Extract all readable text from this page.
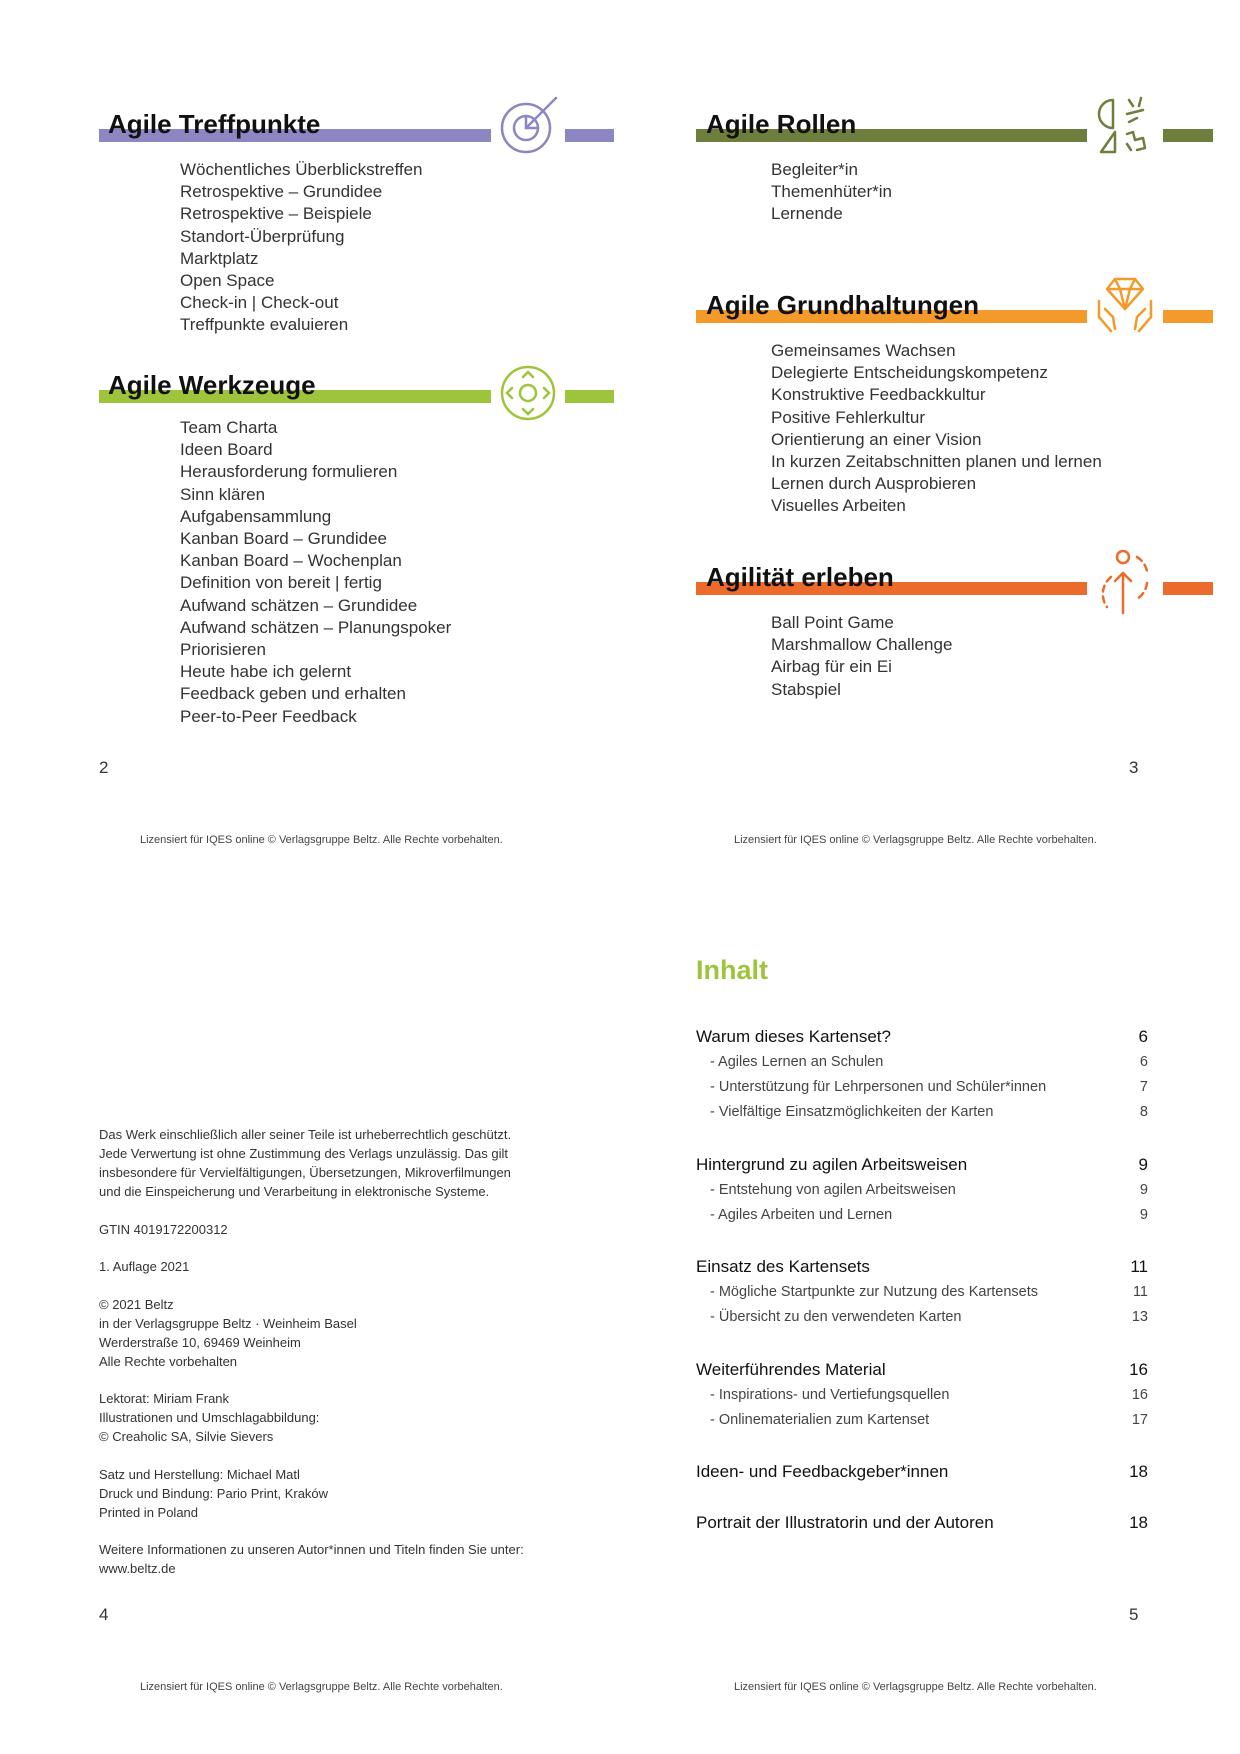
Agile Treffpunkte
Wöchentliches Überblickstreffen
Retrospektive – Grundidee
Retrospektive – Beispiele
Standort-Überprüfung
Marktplatz
Open Space
Check-in | Check-out
Treffpunkte evaluieren
Agile Werkzeuge
Team Charta
Ideen Board
Herausforderung formulieren
Sinn klären
Aufgabensammlung
Kanban Board – Grundidee
Kanban Board – Wochenplan
Definition von bereit | fertig
Aufwand schätzen – Grundidee
Aufwand schätzen – Planungspoker
Priorisieren
Heute habe ich gelernt
Feedback geben und erhalten
Peer-to-Peer Feedback
2
Lizensiert für IQES online © Verlagsgruppe Beltz. Alle Rechte vorbehalten.
Agile Rollen
Begleiter*in
Themenhüter*in
Lernende
Agile Grundhaltungen
Gemeinsames Wachsen
Delegierte Entscheidungskompetenz
Konstruktive Feedbackkultur
Positive Fehlerkultur
Orientierung an einer Vision
In kurzen Zeitabschnitten planen und lernen
Lernen durch Ausprobieren
Visuelles Arbeiten
Agilität erleben
Ball Point Game
Marshmallow Challenge
Airbag für ein Ei
Stabspiel
3
Lizensiert für IQES online © Verlagsgruppe Beltz. Alle Rechte vorbehalten.

Das Werk einschließlich aller seiner Teile ist urheberrechtlich geschützt.
Jede Verwertung ist ohne Zustimmung des Verlags unzulässig. Das gilt
insbesondere für Vervielfältigungen, Übersetzungen, Mikroverfilmungen
und die Einspeicherung und Verarbeitung in elektronische Systeme.

GTIN 4019172200312

1. Auflage 2021

© 2021 Beltz
in der Verlagsgruppe Beltz · Weinheim Basel
Werderstraße 10, 69469 Weinheim
Alle Rechte vorbehalten

Lektorat: Miriam Frank
Illustrationen und Umschlagabbildung:
© Creaholic SA, Silvie Sievers

Satz und Herstellung: Michael Matl
Druck und Bindung: Pario Print, Kraków
Printed in Poland

Weitere Informationen zu unseren Autor*innen und Titeln finden Sie unter:
www.beltz.de

4
Lizensiert für IQES online © Verlagsgruppe Beltz. Alle Rechte vorbehalten.
Inhalt
Warum dieses Kartenset?	6
- Agiles Lernen an Schulen	6
- Unterstützung für Lehrpersonen und Schüler*innen	7
- Vielfältige Einsatzmöglichkeiten der Karten	8
Hintergrund zu agilen Arbeitsweisen	9
- Entstehung von agilen Arbeitsweisen	9
- Agiles Arbeiten und Lernen	9
Einsatz des Kartensets	11
- Mögliche Startpunkte zur Nutzung des Kartensets	11
- Übersicht zu den verwendeten Karten	13
Weiterführendes Material	16
- Inspirations- und Vertiefungsquellen	16
- Onlinematerialien zum Kartenset	17
Ideen- und Feedbackgeber*innen	18
Portrait der Illustratorin und der Autoren	18
5
Lizensiert für IQES online © Verlagsgruppe Beltz. Alle Rechte vorbehalten.
